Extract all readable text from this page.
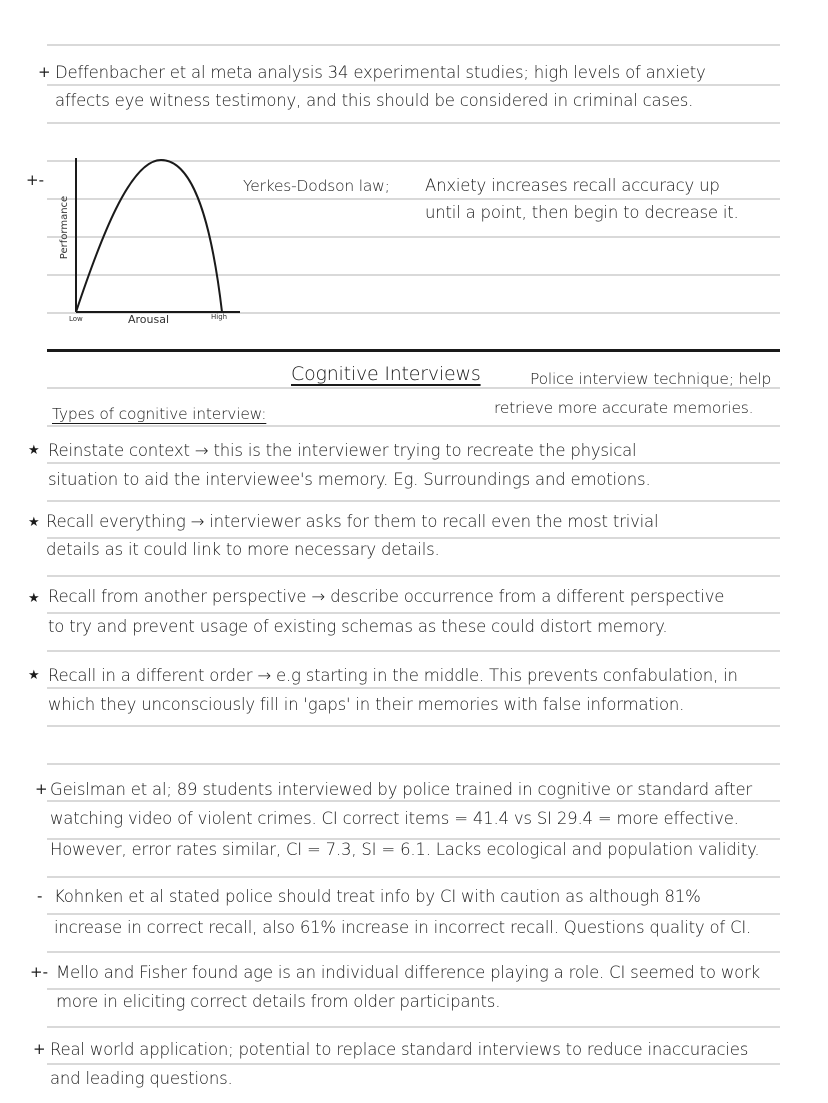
+ Deffenbacher et al meta analysis 34 experimental studies; high levels of anxiety
affects eye witness testimony, and this should be considered in criminal cases.
+-
Low	Arousal	High
Performance
Yerkes-Dodson law; Anxiety increases recall accuracy up
until a point, then begin to decrease it.
Cognitive Interviews	Police interview technique; help
retrieve more accurate memories.
Types of cognitive interview:
★ Reinstate context → this is the interviewer trying to recreate the physical
situation to aid the interviewee's memory. Eg. Surroundings and emotions.
★ Recall everything → interviewer asks for them to recall even the most trivial
details as it could link to more necessary details.
★ Recall from another perspective → describe occurrence from a different perspective
to try and prevent usage of existing schemas as these could distort memory.
★ Recall in a different order → e.g starting in the middle. This prevents confabulation, in
which they unconsciously fill in 'gaps' in their memories with false information.
+ Geislman et al; 89 students interviewed by police trained in cognitive or standard after
watching video of violent crimes. CI correct items = 41.4 vs SI 29.4 = more effective.
However, error rates similar, CI = 7.3, SI = 6.1. Lacks ecological and population validity.
- Kohnken et al stated police should treat info by CI with caution as although 81%
increase in correct recall, also 61% increase in incorrect recall. Questions quality of CI.
+- Mello and Fisher found age is an individual difference playing a role. CI seemed to work
more in eliciting correct details from older participants.
+ Real world application; potential to replace standard interviews to reduce inaccuracies
and leading questions.
